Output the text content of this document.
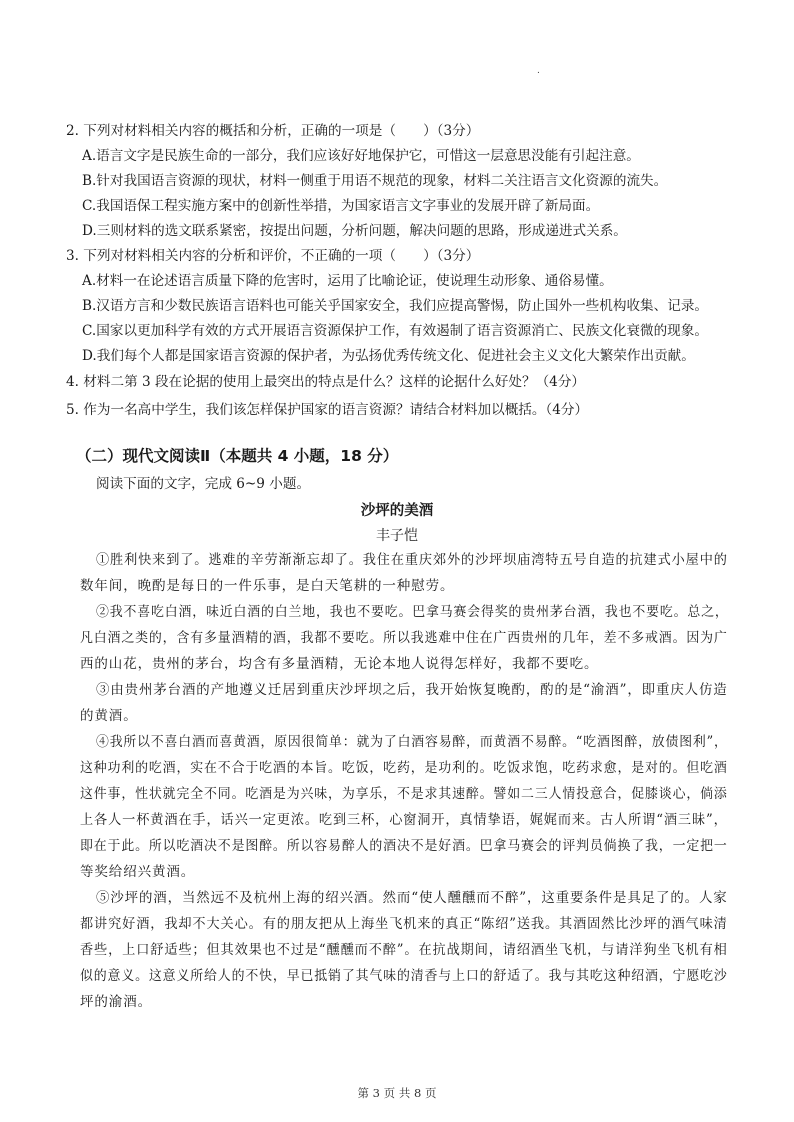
.
2. 下列对材料相关内容的概括和分析，正确的一项是（　　）（3分）
A.语言文字是民族生命的一部分，我们应该好好地保护它，可惜这一层意思没能有引起注意。
B.针对我国语言资源的现状，材料一侧重于用语不规范的现象，材料二关注语言文化资源的流失。
C.我国语保工程实施方案中的创新性举措，为国家语言文字事业的发展开辟了新局面。
D.三则材料的选文联系紧密，按提出问题，分析问题，解决问题的思路，形成递进式关系。
3. 下列对材料相关内容的分析和评价，不正确的一项（　　）（3分）
A.材料一在论述语言质量下降的危害时，运用了比喻论证，使说理生动形象、通俗易懂。
B.汉语方言和少数民族语言语料也可能关乎国家安全，我们应提高警惕，防止国外一些机构收集、记录。
C.国家以更加科学有效的方式开展语言资源保护工作，有效遏制了语言资源消亡、民族文化衰微的现象。
D.我们每个人都是国家语言资源的保护者，为弘扬优秀传统文化、促进社会主义文化大繁荣作出贡献。
4. 材料二第 3 段在论据的使用上最突出的特点是什么？这样的论据什么好处？（4分）
5. 作为一名高中学生，我们该怎样保护国家的语言资源？请结合材料加以概括。（4分）
（二）现代文阅读Ⅱ（本题共 4 小题，18 分）
阅读下面的文字，完成 6~9 小题。
沙坪的美酒
丰子恺
①胜利快来到了。逃难的辛劳渐渐忘却了。我住在重庆郊外的沙坪坝庙湾特五号自造的抗建式小屋中的
数年间，晚酌是每日的一件乐事，是白天笔耕的一种慰劳。
②我不喜吃白酒，味近白酒的白兰地，我也不要吃。巴拿马赛会得奖的贵州茅台酒，我也不要吃。总之，
凡白酒之类的，含有多量酒精的酒，我都不要吃。所以我逃难中住在广西贵州的几年，差不多戒酒。因为广
西的山花，贵州的茅台，均含有多量酒精，无论本地人说得怎样好，我都不要吃。
③由贵州茅台酒的产地遵义迁居到重庆沙坪坝之后，我开始恢复晚酌，酌的是“渝酒”，即重庆人仿造
的黄酒。
④我所以不喜白酒而喜黄酒，原因很简单：就为了白酒容易醉，而黄酒不易醉。“吃酒图醉，放债图利”，
这种功利的吃酒，实在不合于吃酒的本旨。吃饭，吃药，是功利的。吃饭求饱，吃药求愈，是对的。但吃酒
这件事，性状就完全不同。吃酒是为兴味，为享乐，不是求其速醉。譬如二三人情投意合，促膝谈心，倘添
上各人一杯黄酒在手，话兴一定更浓。吃到三杯，心窗洞开，真情挚语，娓娓而来。古人所谓“酒三昧”，
即在于此。所以吃酒决不是图醉。所以容易醉人的酒决不是好酒。巴拿马赛会的评判员倘换了我，一定把一
等奖给绍兴黄酒。
⑤沙坪的酒，当然远不及杭州上海的绍兴酒。然而“使人醺醺而不醉”，这重要条件是具足了的。人家
都讲究好酒，我却不大关心。有的朋友把从上海坐飞机来的真正“陈绍”送我。其酒固然比沙坪的酒气味清
香些，上口舒适些；但其效果也不过是“醺醺而不醉”。在抗战期间，请绍酒坐飞机，与请洋狗坐飞机有相
似的意义。这意义所给人的不快，早已抵销了其气味的清香与上口的舒适了。我与其吃这种绍酒，宁愿吃沙
坪的渝酒。
第 3 页 共 8 页
